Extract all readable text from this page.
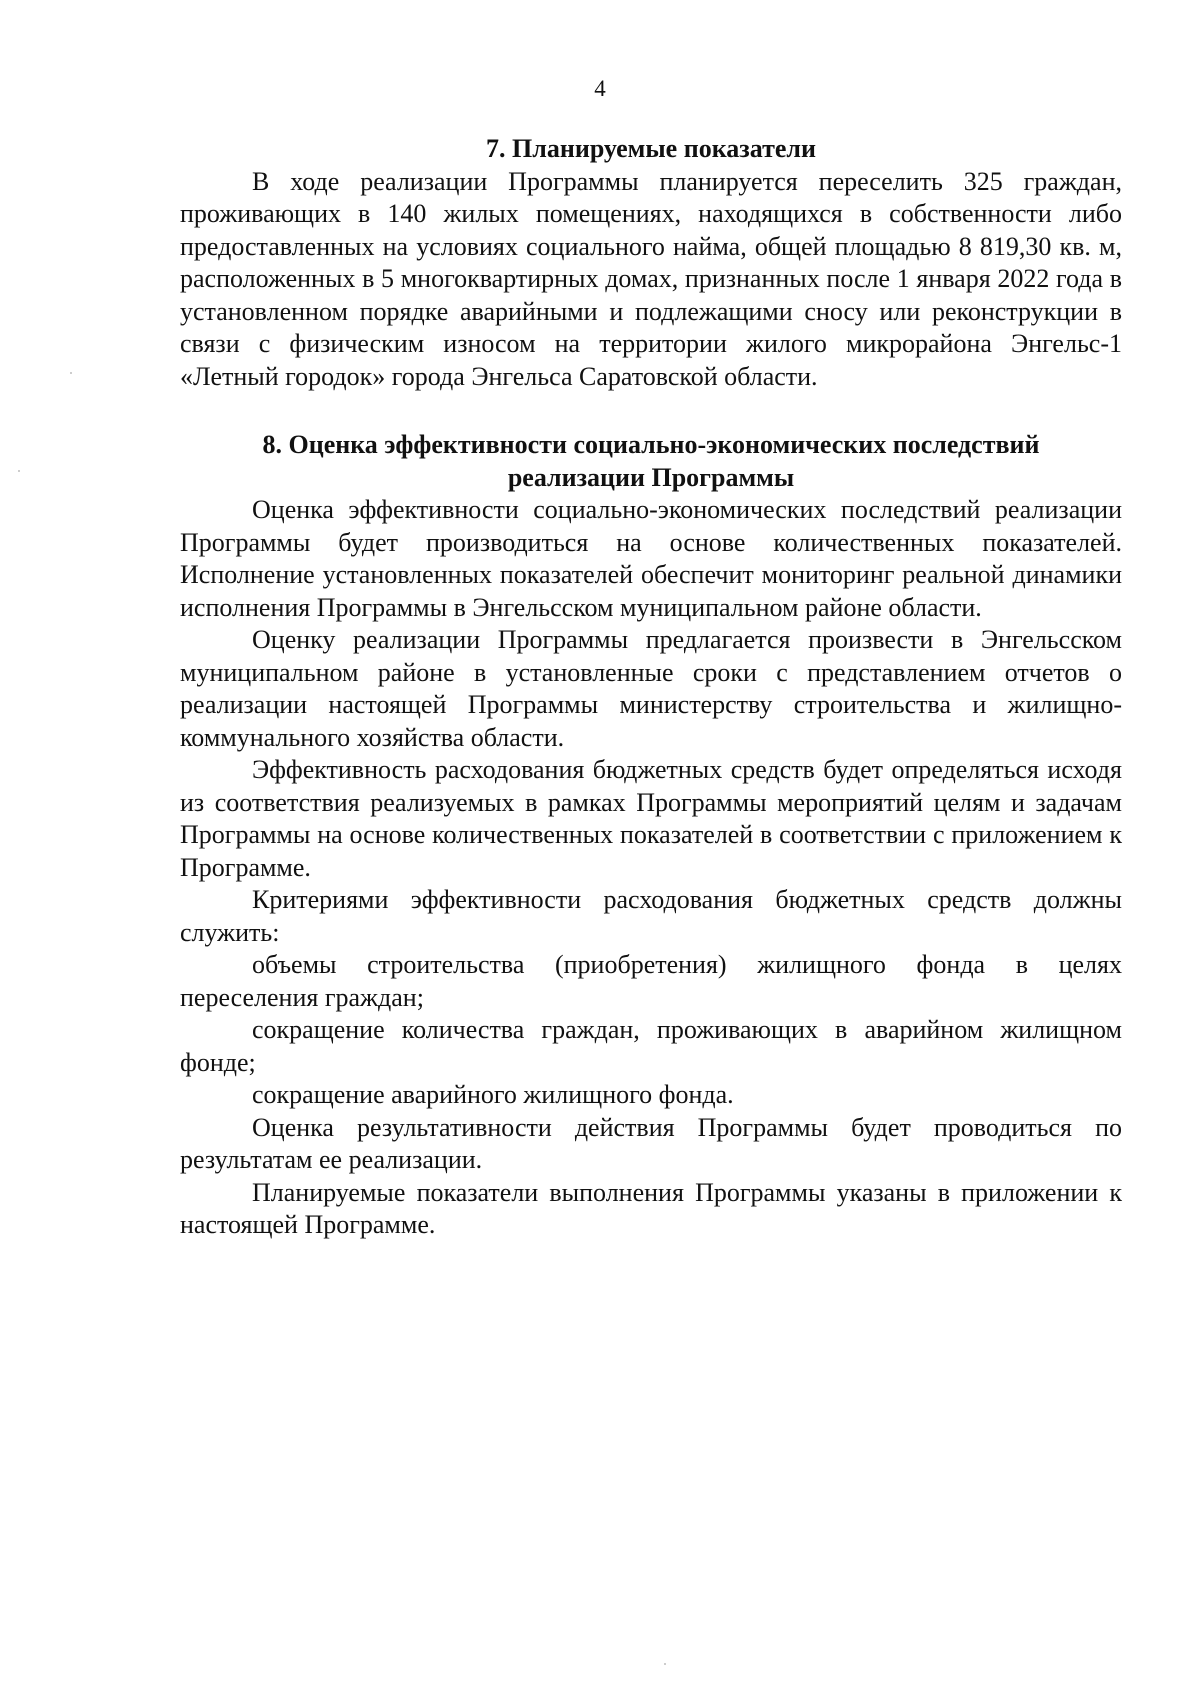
4
7. Планируемые показатели

В ходе реализации Программы планируется переселить 325 граждан, проживающих в 140 жилых помещениях, находящихся в собственности либо предоставленных на условиях социального найма, общей площадью 8 819,30 кв. м, расположенных в 5 многоквартирных домах, признанных после 1 января 2022 года в установленном порядке аварийными и подлежащими сносу или реконструкции в связи с физическим износом на территории жилого микрорайона Энгельс-1 «Летный городок» города Энгельса Саратовской области.

8. Оценка эффективности социально-экономических последствий
реализации Программы

Оценка эффективности социально-экономических последствий реализации Программы будет производиться на основе количественных показателей. Исполнение установленных показателей обеспечит мониторинг реальной динамики исполнения Программы в Энгельсском муниципальном районе области.

Оценку реализации Программы предлагается произвести в Энгельсском муниципальном районе в установленные сроки с представлением отчетов о реализации настоящей Программы министерству строительства и жилищно-коммунального хозяйства области.

Эффективность расходования бюджетных средств будет определяться исходя из соответствия реализуемых в рамках Программы мероприятий целям и задачам Программы на основе количественных показателей в соответствии с приложением к Программе.

Критериями эффективности расходования бюджетных средств должны служить:

объемы строительства (приобретения) жилищного фонда в целях переселения граждан;

сокращение количества граждан, проживающих в аварийном жилищном фонде;

сокращение аварийного жилищного фонда.

Оценка результативности действия Программы будет проводиться по результатам ее реализации.

Планируемые показатели выполнения Программы указаны в приложении к настоящей Программе.
